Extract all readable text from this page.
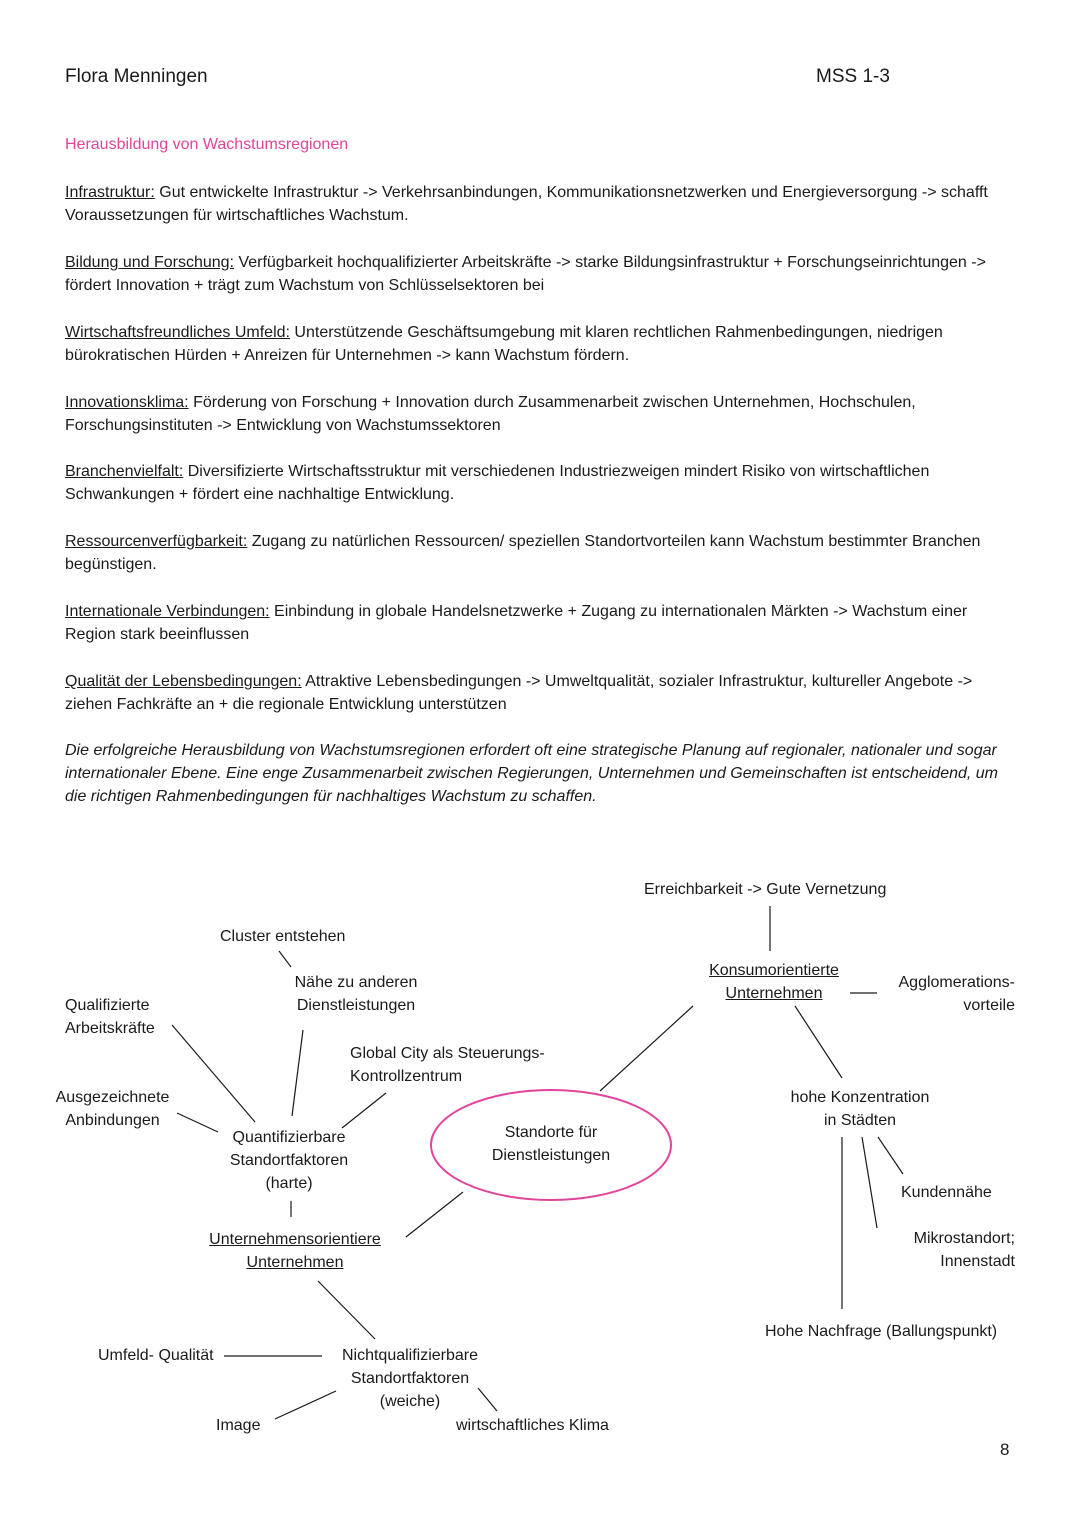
Flora Menningen	MSS 1-3
Herausbildung von Wachstumsregionen
Infrastruktur: Gut entwickelte Infrastruktur -> Verkehrsanbindungen, Kommunikationsnetzwerken und Energieversorgung -> schafft Voraussetzungen für wirtschaftliches Wachstum.
Bildung und Forschung: Verfügbarkeit hochqualifizierter Arbeitskräfte -> starke Bildungsinfrastruktur + Forschungseinrichtungen -> fördert Innovation + trägt zum Wachstum von Schlüsselsektoren bei
Wirtschaftsfreundliches Umfeld: Unterstützende Geschäftsumgebung mit klaren rechtlichen Rahmenbedingungen, niedrigen bürokratischen Hürden + Anreizen für Unternehmen -> kann Wachstum fördern.
Innovationsklima: Förderung von Forschung + Innovation durch Zusammenarbeit zwischen Unternehmen, Hochschulen, Forschungsinstituten -> Entwicklung von Wachstumssektoren
Branchenvielfalt: Diversifizierte Wirtschaftsstruktur mit verschiedenen Industriezweigen mindert Risiko von wirtschaftlichen Schwankungen + fördert eine nachhaltige Entwicklung.
Ressourcenverfügbarkeit: Zugang zu natürlichen Ressourcen/ speziellen Standortvorteilen kann Wachstum bestimmter Branchen begünstigen.
Internationale Verbindungen: Einbindung in globale Handelsnetzwerke + Zugang zu internationalen Märkten -> Wachstum einer Region stark beeinflussen
Qualität der Lebensbedingungen: Attraktive Lebensbedingungen -> Umweltqualität, sozialer Infrastruktur, kultureller Angebote -> ziehen Fachkräfte an + die regionale Entwicklung unterstützen
Die erfolgreiche Herausbildung von Wachstumsregionen erfordert oft eine strategische Planung auf regionaler, nationaler und sogar internationaler Ebene. Eine enge Zusammenarbeit zwischen Regierungen, Unternehmen und Gemeinschaften ist entscheidend, um die richtigen Rahmenbedingungen für nachhaltiges Wachstum zu schaffen.
Standorte für
Dienstleistungen
Cluster entstehen
Nähe zu anderen
Dienstleistungen
Qualifizierte
Arbeitskräfte
Global City als Steuerungs-
Kontrollzentrum
Ausgezeichnete
Anbindungen
Quantifizierbare
Standortfaktoren
(harte)
Unternehmensorientiere
Unternehmen
Umfeld- Qualität	Nichtqualifizierbare
Standortfaktoren
(weiche)
Image	wirtschaftliches Klima
Erreichbarkeit -> Gute Vernetzung
Konsumorientierte
Unternehmen
Agglomerations-
vorteile
hohe Konzentration
in Städten
Kundennähe
Mikrostandort;
Innenstadt
Hohe Nachfrage (Ballungspunkt)
8
